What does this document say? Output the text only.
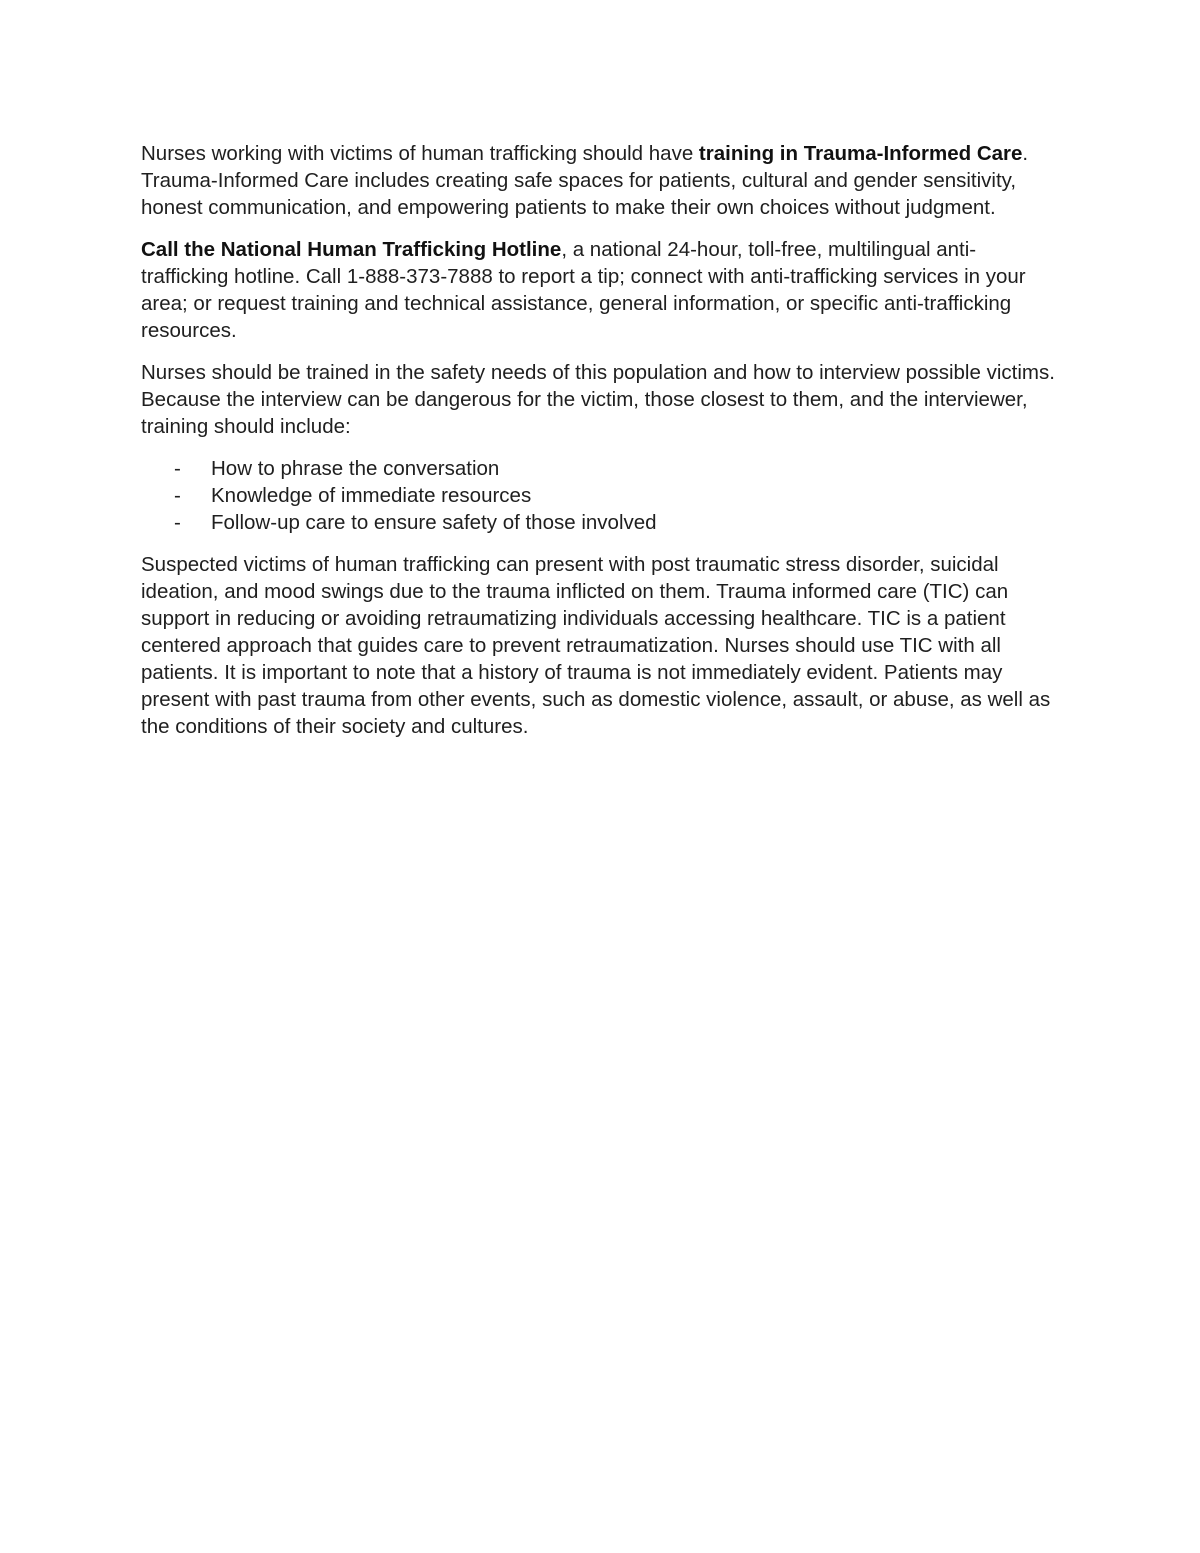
Nurses working with victims of human trafficking should have training in Trauma-Informed Care. Trauma-Informed Care includes creating safe spaces for patients, cultural and gender sensitivity, honest communication, and empowering patients to make their own choices without judgment.

Call the National Human Trafficking Hotline, a national 24-hour, toll-free, multilingual anti-trafficking hotline. Call 1-888-373-7888 to report a tip; connect with anti-trafficking services in your area; or request training and technical assistance, general information, or specific anti-trafficking resources.

Nurses should be trained in the safety needs of this population and how to interview possible victims. Because the interview can be dangerous for the victim, those closest to them, and the interviewer, training should include:

- How to phrase the conversation
- Knowledge of immediate resources
- Follow-up care to ensure safety of those involved

Suspected victims of human trafficking can present with post traumatic stress disorder, suicidal ideation, and mood swings due to the trauma inflicted on them. Trauma informed care (TIC) can support in reducing or avoiding retraumatizing individuals accessing healthcare. TIC is a patient centered approach that guides care to prevent retraumatization. Nurses should use TIC with all patients. It is important to note that a history of trauma is not immediately evident. Patients may present with past trauma from other events, such as domestic violence, assault, or abuse, as well as the conditions of their society and cultures.
